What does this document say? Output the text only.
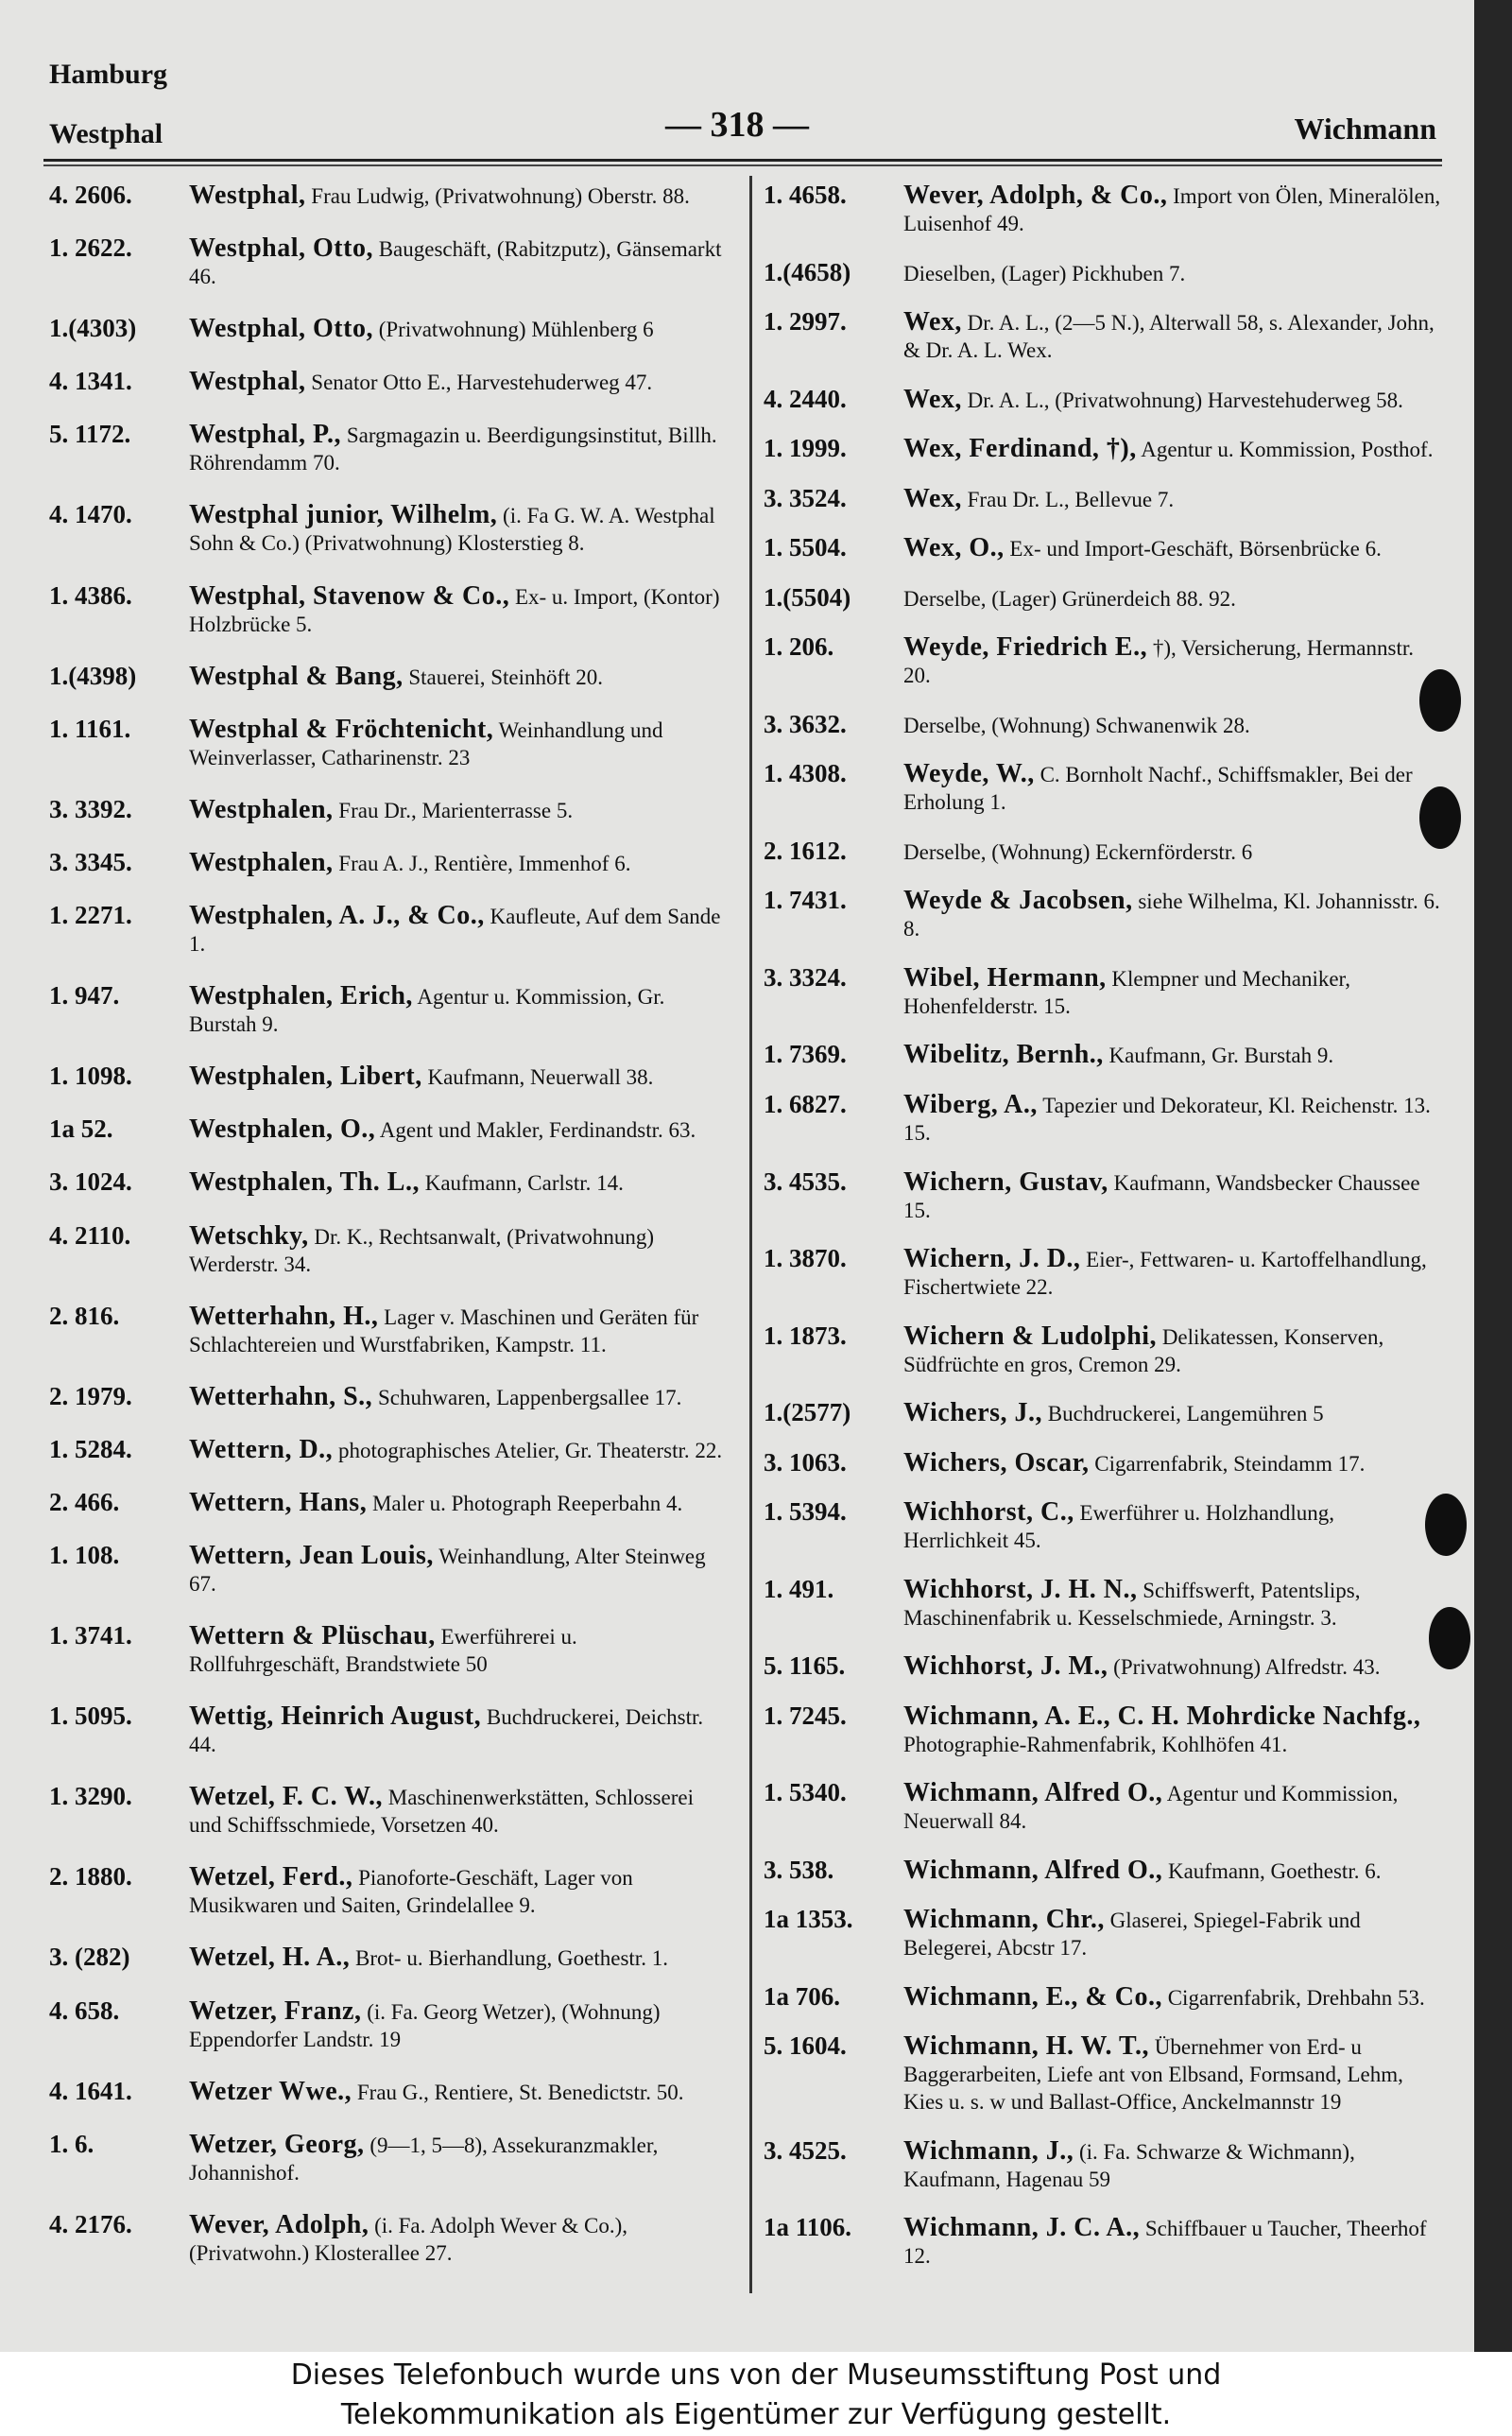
Hamburg
Westphal	— 318 —	Wichmann
4. 2606.	Westphal, Frau Ludwig, (Privatwohnung) Oberstr. 88.
1. 2622.	Westphal, Otto, Baugeschäft, (Rabitzputz), Gänsemarkt 46.
1.(4303)	Westphal, Otto, (Privatwohnung) Mühlenberg 6
4. 1341.	Westphal, Senator Otto E., Harvestehuderweg 47.
5. 1172.	Westphal, P., Sargmagazin u. Beerdigungsinstitut, Billh. Röhrendamm 70.
4. 1470.	Westphal junior, Wilhelm, (i. Fa G. W. A. Westphal Sohn & Co.) (Privatwohnung) Klosterstieg 8.
1. 4386.	Westphal, Stavenow & Co., Ex- u. Import, (Kontor) Holzbrücke 5.
1.(4398)	Westphal & Bang, Stauerei, Steinhöft 20.
1. 1161.	Westphal & Fröchtenicht, Weinhandlung und Weinverlasser, Catharinenstr. 23
3. 3392.	Westphalen, Frau Dr., Marienterrasse 5.
3. 3345.	Westphalen, Frau A. J., Rentière, Immenhof 6.
1. 2271.	Westphalen, A. J., & Co., Kaufleute, Auf dem Sande 1.
1. 947.	Westphalen, Erich, Agentur u. Kommission, Gr. Burstah 9.
1. 1098.	Westphalen, Libert, Kaufmann, Neuerwall 38.
1a 52.	Westphalen, O., Agent und Makler, Ferdinandstr. 63.
3. 1024.	Westphalen, Th. L., Kaufmann, Carlstr. 14.
4. 2110.	Wetschky, Dr. K., Rechtsanwalt, (Privatwohnung) Werderstr. 34.
2. 816.	Wetterhahn, H., Lager v. Maschinen und Geräten für Schlachtereien und Wurstfabriken, Kampstr. 11.
2. 1979.	Wetterhahn, S., Schuhwaren, Lappenbergsallee 17.
1. 5284.	Wettern, D., photographisches Atelier, Gr. Theaterstr. 22.
2. 466.	Wettern, Hans, Maler u. Photograph Reeperbahn 4.
1. 108.	Wettern, Jean Louis, Weinhandlung, Alter Steinweg 67.
1. 3741.	Wettern & Plüschau, Ewerführerei u. Rollfuhrgeschäft, Brandstwiete 50
1. 5095.	Wettig, Heinrich August, Buchdruckerei, Deichstr. 44.
1. 3290.	Wetzel, F. C. W., Maschinenwerkstätten, Schlosserei und Schiffsschmiede, Vorsetzen 40.
2. 1880.	Wetzel, Ferd., Pianoforte-Geschäft, Lager von Musikwaren und Saiten, Grindelallee 9.
3. (282)	Wetzel, H. A., Brot- u. Bierhandlung, Goethestr. 1.
4. 658.	Wetzer, Franz, (i. Fa. Georg Wetzer), (Wohnung) Eppendorfer Landstr. 19
4. 1641.	Wetzer Wwe., Frau G., Rentiere, St. Benedictstr. 50.
1. 6.	Wetzer, Georg, (9—1, 5—8), Assekuranzmakler, Johannishof.
4. 2176.	Wever, Adolph, (i. Fa. Adolph Wever & Co.), (Privatwohn.) Klosterallee 27.
1. 4658.	Wever, Adolph, & Co., Import von Ölen, Mineralölen, Luisenhof 49.
1.(4658)	Dieselben, (Lager) Pickhuben 7.
1. 2997.	Wex, Dr. A. L., (2—5 N.), Alterwall 58, s. Alexander, John, & Dr. A. L. Wex.
4. 2440.	Wex, Dr. A. L., (Privatwohnung) Harvestehuderweg 58.
1. 1999.	Wex, Ferdinand, †), Agentur u. Kommission, Posthof.
3. 3524.	Wex, Frau Dr. L., Bellevue 7.
1. 5504.	Wex, O., Ex- und Import-Geschäft, Börsenbrücke 6.
1.(5504)	Derselbe, (Lager) Grünerdeich 88. 92.
1. 206.	Weyde, Friedrich E., †), Versicherung, Hermannstr. 20.
3. 3632.	Derselbe, (Wohnung) Schwanenwik 28.
1. 4308.	Weyde, W., C. Bornholt Nachf., Schiffsmakler, Bei der Erholung 1.
2. 1612.	Derselbe, (Wohnung) Eckernförderstr. 6
1. 7431.	Weyde & Jacobsen, siehe Wilhelma, Kl. Johannisstr. 6. 8.
3. 3324.	Wibel, Hermann, Klempner und Mechaniker, Hohenfelderstr. 15.
1. 7369.	Wibelitz, Bernh., Kaufmann, Gr. Burstah 9.
1. 6827.	Wiberg, A., Tapezier und Dekorateur, Kl. Reichenstr. 13. 15.
3. 4535.	Wichern, Gustav, Kaufmann, Wandsbecker Chaussee 15.
1. 3870.	Wichern, J. D., Eier-, Fettwaren- u. Kartoffelhandlung, Fischertwiete 22.
1. 1873.	Wichern & Ludolphi, Delikatessen, Konserven, Südfrüchte en gros, Cremon 29.
1.(2577)	Wichers, J., Buchdruckerei, Langemühren 5
3. 1063.	Wichers, Oscar, Cigarrenfabrik, Steindamm 17.
1. 5394.	Wichhorst, C., Ewerführer u. Holzhandlung, Herrlichkeit 45.
1. 491.	Wichhorst, J. H. N., Schiffswerft, Patentslips, Maschinenfabrik u. Kesselschmiede, Arningstr. 3.
5. 1165.	Wichhorst, J. M., (Privatwohnung) Alfredstr. 43.
1. 7245.	Wichmann, A. E., C. H. Mohrdicke Nachfg., Photographie-Rahmenfabrik, Kohlhöfen 41.
1. 5340.	Wichmann, Alfred O., Agentur und Kommission, Neuerwall 84.
3. 538.	Wichmann, Alfred O., Kaufmann, Goethestr. 6.
1a 1353.	Wichmann, Chr., Glaserei, Spiegel-Fabrik und Belegerei, Abcstr 17.
1a 706.	Wichmann, E., & Co., Cigarrenfabrik, Drehbahn 53.
5. 1604.	Wichmann, H. W. T., Übernehmer von Erd- u Baggerarbeiten, Liefe ant von Elbsand, Formsand, Lehm, Kies u. s. w und Ballast-Office, Anckelmannstr 19
3. 4525.	Wichmann, J., (i. Fa. Schwarze & Wichmann), Kaufmann, Hagenau 59
1a 1106.	Wichmann, J. C. A., Schiffbauer u Taucher, Theerhof 12.
Dieses Telefonbuch wurde uns von der Museumsstiftung Post und
Telekommunikation als Eigentümer zur Verfügung gestellt.
